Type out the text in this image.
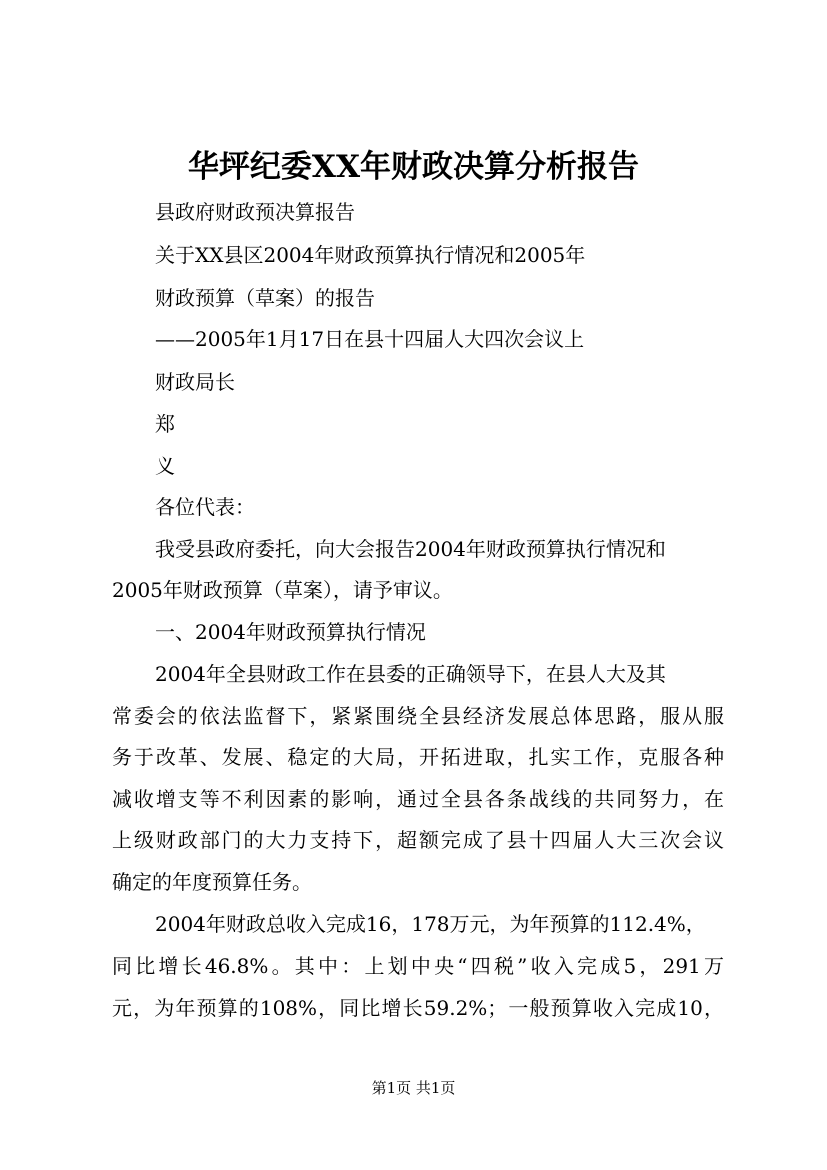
华坪纪委XX年财政决算分析报告
县政府财政预决算报告
关于XX县区2004年财政预算执行情况和2005年
财政预算（草案）的报告
——2005年1月17日在县十四届人大四次会议上
财政局长
郑
义
各位代表：
我受县政府委托，向大会报告2004年财政预算执行情况和
2005年财政预算（草案），请予审议。
一、2004年财政预算执行情况
2004年全县财政工作在县委的正确领导下，在县人大及其
常委会的依法监督下，紧紧围绕全县经济发展总体思路，服从服
务于改革、发展、稳定的大局，开拓进取，扎实工作，克服各种
减收增支等不利因素的影响，通过全县各条战线的共同努力，在
上级财政部门的大力支持下，超额完成了县十四届人大三次会议
确定的年度预算任务。
2004年财政总收入完成16，178万元，为年预算的112.4%，
同比增长46.8%。其中：上划中央“四税”收入完成5，291万
元，为年预算的108%，同比增长59.2%；一般预算收入完成10，
第1页 共1页
